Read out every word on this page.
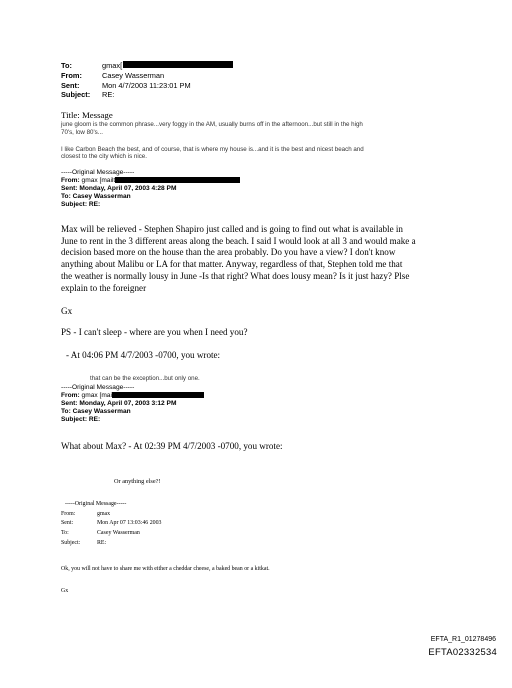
To:	gmax[
From:	Casey Wasserman
Sent:	Mon 4/7/2003 11:23:01 PM
Subject:	RE:
Title: Message
june gloom is the common phrase...very foggy in the AM, usually burns off in the afternoon...but still in the high
70's, low 80's...
I like Carbon Beach the best, and of course, that is where my house is...and it is the best and nicest beach and
closest to the city which is nice.
-----Original Message-----
From: gmax [mailt
Sent: Monday, April 07, 2003 4:28 PM
To: Casey Wasserman
Subject: RE:
Max will be relieved - Stephen Shapiro just called and is going to find out what is available in
June to rent in the 3 different areas along the beach. I said I would look at all 3 and would make a
decision based more on the house than the area probably. Do you have a view? I don't know
anything about Malibu or LA for that matter. Anyway, regardless of that, Stephen told me that
the weather is normally lousy in June -Is that right? What does lousy mean? Is it just hazy? Plse
explain to the foreigner
Gx
PS - I can't sleep - where are you when I need you?
- At 04:06 PM 4/7/2003 -0700, you wrote:
that can be the exception...but only one.
-----Original Message-----
From: gmax [mai
Sent: Monday, April 07, 2003 3:12 PM
To: Casey Wasserman
Subject: RE:
What about Max? - At 02:39 PM 4/7/2003 -0700, you wrote:
Or anything else?!
-----Original Message-----
From:	gmax
Sent:	Mon Apr 07 13:03:46 2003
To:	Casey Wasserman
Subject:	RE:
Ok, you will not have to share me with either a cheddar cheese, a baked bean or a kitkat.
Gx
EFTA_R1_01278496
EFTA02332534
